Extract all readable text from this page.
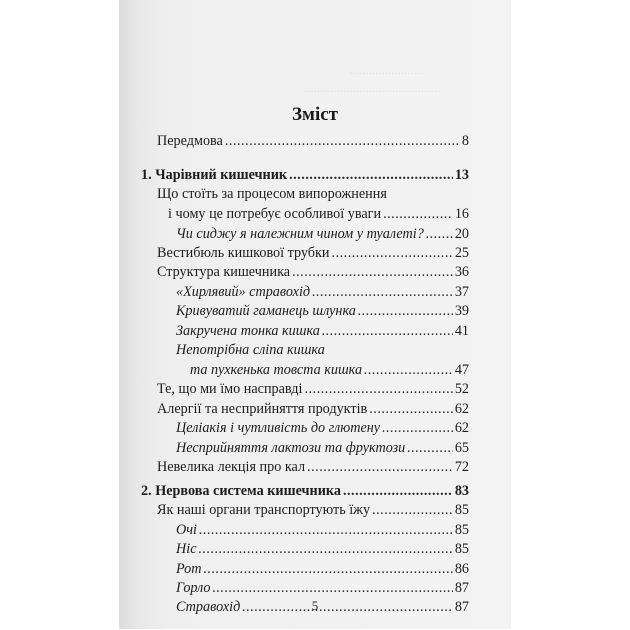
.......................
..........................................
Зміст
Передмова .....	8
1. Чарівний кишечник .....	13
Що стоїть за процесом випорожнення
і чому це потребує особливої уваги .....	16
Чи сиджу я належним чином у туалеті? ..... 20
Вестибюль кишкової трубки .....	25
Структура кишечника .....	36
«Хирлявий» стравохід .....	37
Кривуватий гаманець шлунка .....	39
Закручена тонка кишка .....	41
Непотрібна сліпа кишка
та пухкенька товста кишка .....	47
Те, що ми їмо насправді .....	52
Алергії та несприйняття продуктів .....	62
Целіакія і чутливість до глютену .....	62
Несприйняття лактози та фруктози .....	65
Невелика лекція про кал .....	72
2. Нервова система кишечника .....	83
Як наші органи транспортують їжу .....	85
Очі .....	85
Ніс .....	85
Рот .....	86
Горло .....	87
Стравохід .....	87
5
